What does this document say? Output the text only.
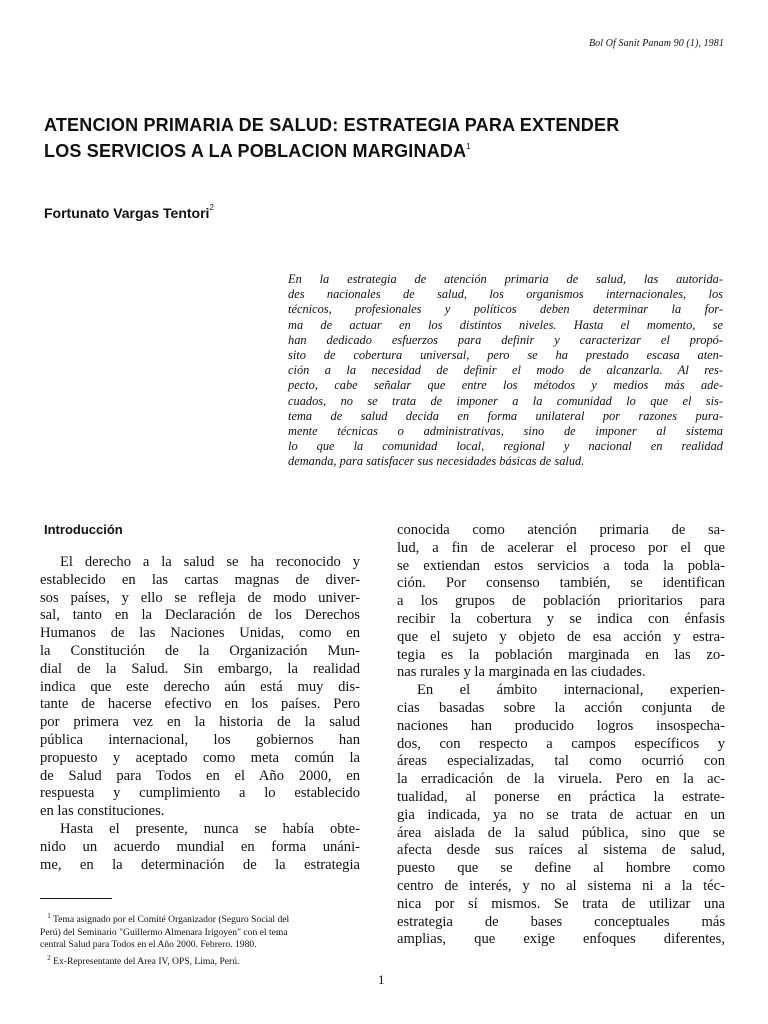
Bol Of Sanit Panam 90 (1), 1981
ATENCION PRIMARIA DE SALUD: ESTRATEGIA PARA EXTENDER
LOS SERVICIOS A LA POBLACION MARGINADA$^1$
Fortunato Vargas Tentori$^2$
En la estrategia de atención primaria de salud, las autorida-
des nacionales de salud, los organismos internacionales, los
técnicos, profesionales y políticos deben determinar la for-
ma de actuar en los distintos niveles. Hasta el momento, se
han dedicado esfuerzos para definir y caracterizar el propó-
sito de cobertura universal, pero se ha prestado escasa aten-
ción a la necesidad de definir el modo de alcanzarla. Al res-
pecto, cabe señalar que entre los métodos y medios más ade-
cuados, no se trata de imponer a la comunidad lo que el sis-
tema de salud decida en forma unilateral por razones pura-
mente técnicas o administrativas, sino de imponer al sistema
lo que la comunidad local, regional y nacional en realidad
demanda, para satisfacer sus necesidades básicas de salud.
Introducción
El derecho a la salud se ha reconocido y
establecido en las cartas magnas de diver-
sos países, y ello se refleja de modo univer-
sal, tanto en la Declaración de los Derechos
Humanos de las Naciones Unidas, como en
la Constitución de la Organización Mun-
dial de la Salud. Sin embargo, la realidad
indica que este derecho aún está muy dis-
tante de hacerse efectivo en los países. Pero
por primera vez en la historia de la salud
pública internacional, los gobiernos han
propuesto y aceptado como meta común la
de Salud para Todos en el Año 2000, en
respuesta y cumplimiento a lo establecido
en las constituciones.
Hasta el presente, nunca se había obte-
nido un acuerdo mundial en forma unáni-
me, en la determinación de la estrategia
conocida como atención primaria de sa-
lud, a fin de acelerar el proceso por el que
se extiendan estos servicios a toda la pobla-
ción. Por consenso también, se identifican
a los grupos de población prioritarios para
recibir la cobertura y se indica con énfasis
que el sujeto y objeto de esa acción y estra-
tegia es la población marginada en las zo-
nas rurales y la marginada en las ciudades.
En el ámbito internacional, experien-
cias basadas sobre la acción conjunta de
naciones han producido logros insospecha-
dos, con respecto a campos específicos y
áreas especializadas, tal como ocurrió con
la erradicación de la viruela. Pero en la ac-
tualidad, al ponerse en práctica la estrate-
gia indicada, ya no se trata de actuar en un
área aislada de la salud pública, sino que se
afecta desde sus raíces al sistema de salud,
puesto que se define al hombre como
centro de interés, y no al sistema ni a la téc-
nica por sí mismos. Se trata de utilizar una
estrategia de bases conceptuales más
amplias, que exige enfoques diferentes,
$^1$ Tema asignado por el Comité Organizador (Seguro Social del
Perú) del Seminario "Guillermo Almenara Irigoyen" con el tema
central Salud para Todos en el Año 2000. Febrero. 1980.
$^2$ Ex-Representante del Area IV, OPS, Lima, Perú.
1
